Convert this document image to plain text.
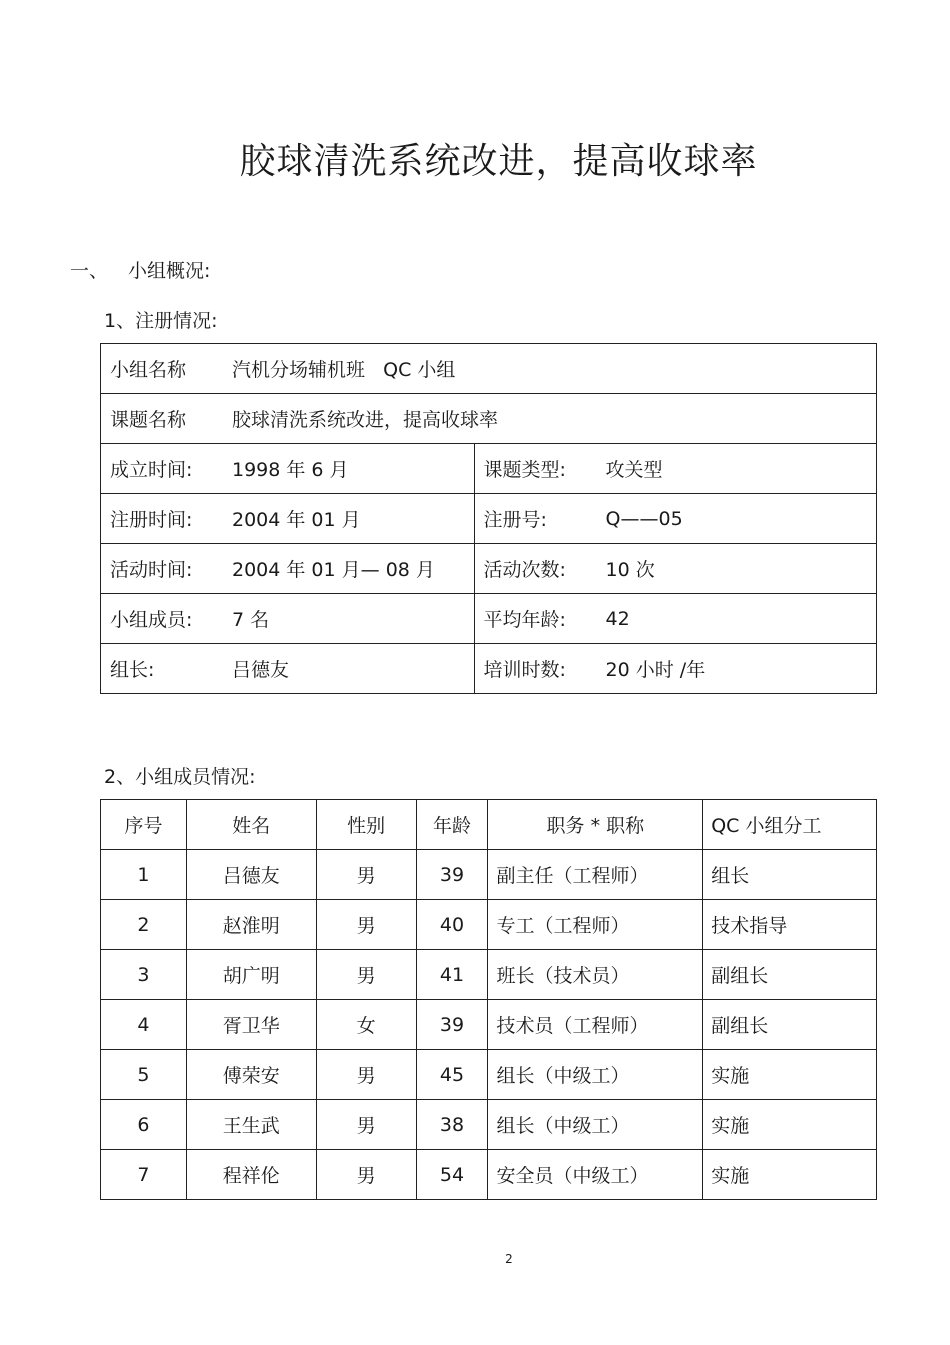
胶球清洗系统改进，提高收球率
一、 小组概况:
1、注册情况:
小组名称 汽机分场辅机班   QC 小组	

课题名称 胶球清洗系统改进，提高收球率	

成立时间: 1998 年 6 月	课题类型: 攻关型

注册时间: 2004 年 01 月	注册号: Q——05

活动时间: 2004 年 01 月— 08 月	活动次数: 10 次

小组成员: 7 名	平均年龄: 42

组长: 吕德友	培训时数: 20 小时 /年
2、小组成员情况:
序号	姓名	性别	年龄	职务 * 职称	QC 小组分工
1	吕德友	男	39	副主任（工程师）	组长
2	赵淮明	男	40	专工（工程师）	技术指导
3	胡广明	男	41	班长（技术员）	副组长
4	胥卫华	女	39	技术员（工程师）	副组长
5	傅荣安	男	45	组长（中级工）	实施
6	王生武	男	38	组长（中级工）	实施
7	程祥伦	男	54	安全员（中级工）	实施
2
